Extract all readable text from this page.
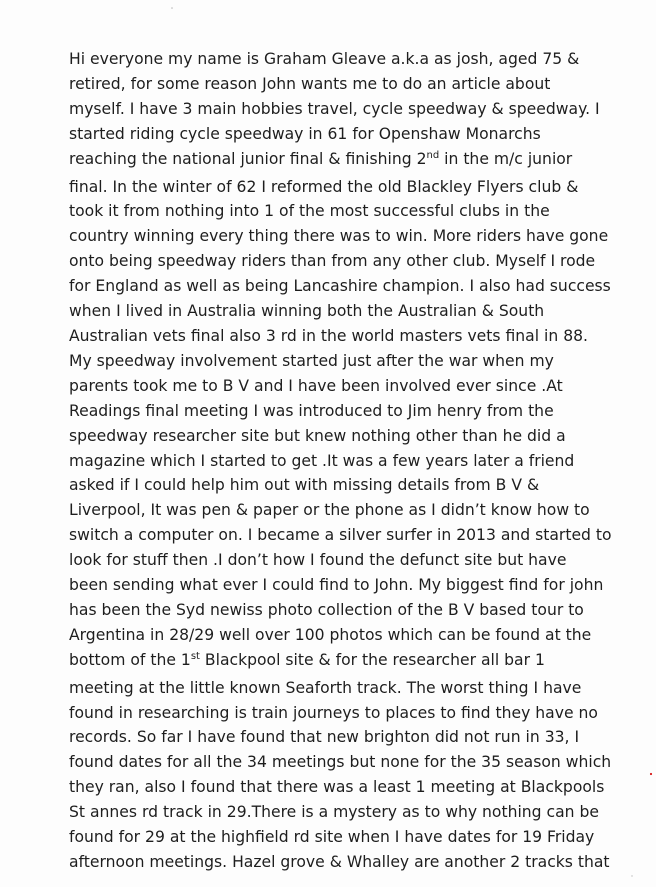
Hi everyone my name is Graham Gleave a.k.a as josh, aged 75 &
retired, for some reason John wants me to do an article about
myself. I have 3 main hobbies travel, cycle speedway & speedway. I
started riding cycle speedway in 61 for Openshaw Monarchs
reaching the national junior final & finishing 2nd in the m/c junior
final. In the winter of 62 I reformed the old Blackley Flyers club &
took it from nothing into 1 of the most successful clubs in the
country winning every thing there was to win. More riders have gone
onto being speedway riders than from any other club. Myself I rode
for England as well as being Lancashire champion. I also had success
when I lived in Australia winning both the Australian & South
Australian vets final also 3 rd in the world masters vets final in 88.
My speedway involvement started just after the war when my
parents took me to B V and I have been involved ever since .At
Readings final meeting I was introduced to Jim henry from the
speedway researcher site but knew nothing other than he did a
magazine which I started to get .It was a few years later a friend
asked if I could help him out with missing details from B V &
Liverpool, It was pen & paper or the phone as I didn’t know how to
switch a computer on. I became a silver surfer in 2013 and started to
look for stuff then .I don’t how I found the defunct site but have
been sending what ever I could find to John. My biggest find for john
has been the Syd newiss photo collection of the B V based tour to
Argentina in 28/29 well over 100 photos which can be found at the
bottom of the 1st Blackpool site & for the researcher all bar 1
meeting at the little known Seaforth track. The worst thing I have
found in researching is train journeys to places to find they have no
records. So far I have found that new brighton did not run in 33, I
found dates for all the 34 meetings but none for the 35 season which
they ran, also I found that there was a least 1 meeting at Blackpools
St annes rd track in 29.There is a mystery as to why nothing can be
found for 29 at the highfield rd site when I have dates for 19 Friday
afternoon meetings. Hazel grove & Whalley are another 2 tracks that
